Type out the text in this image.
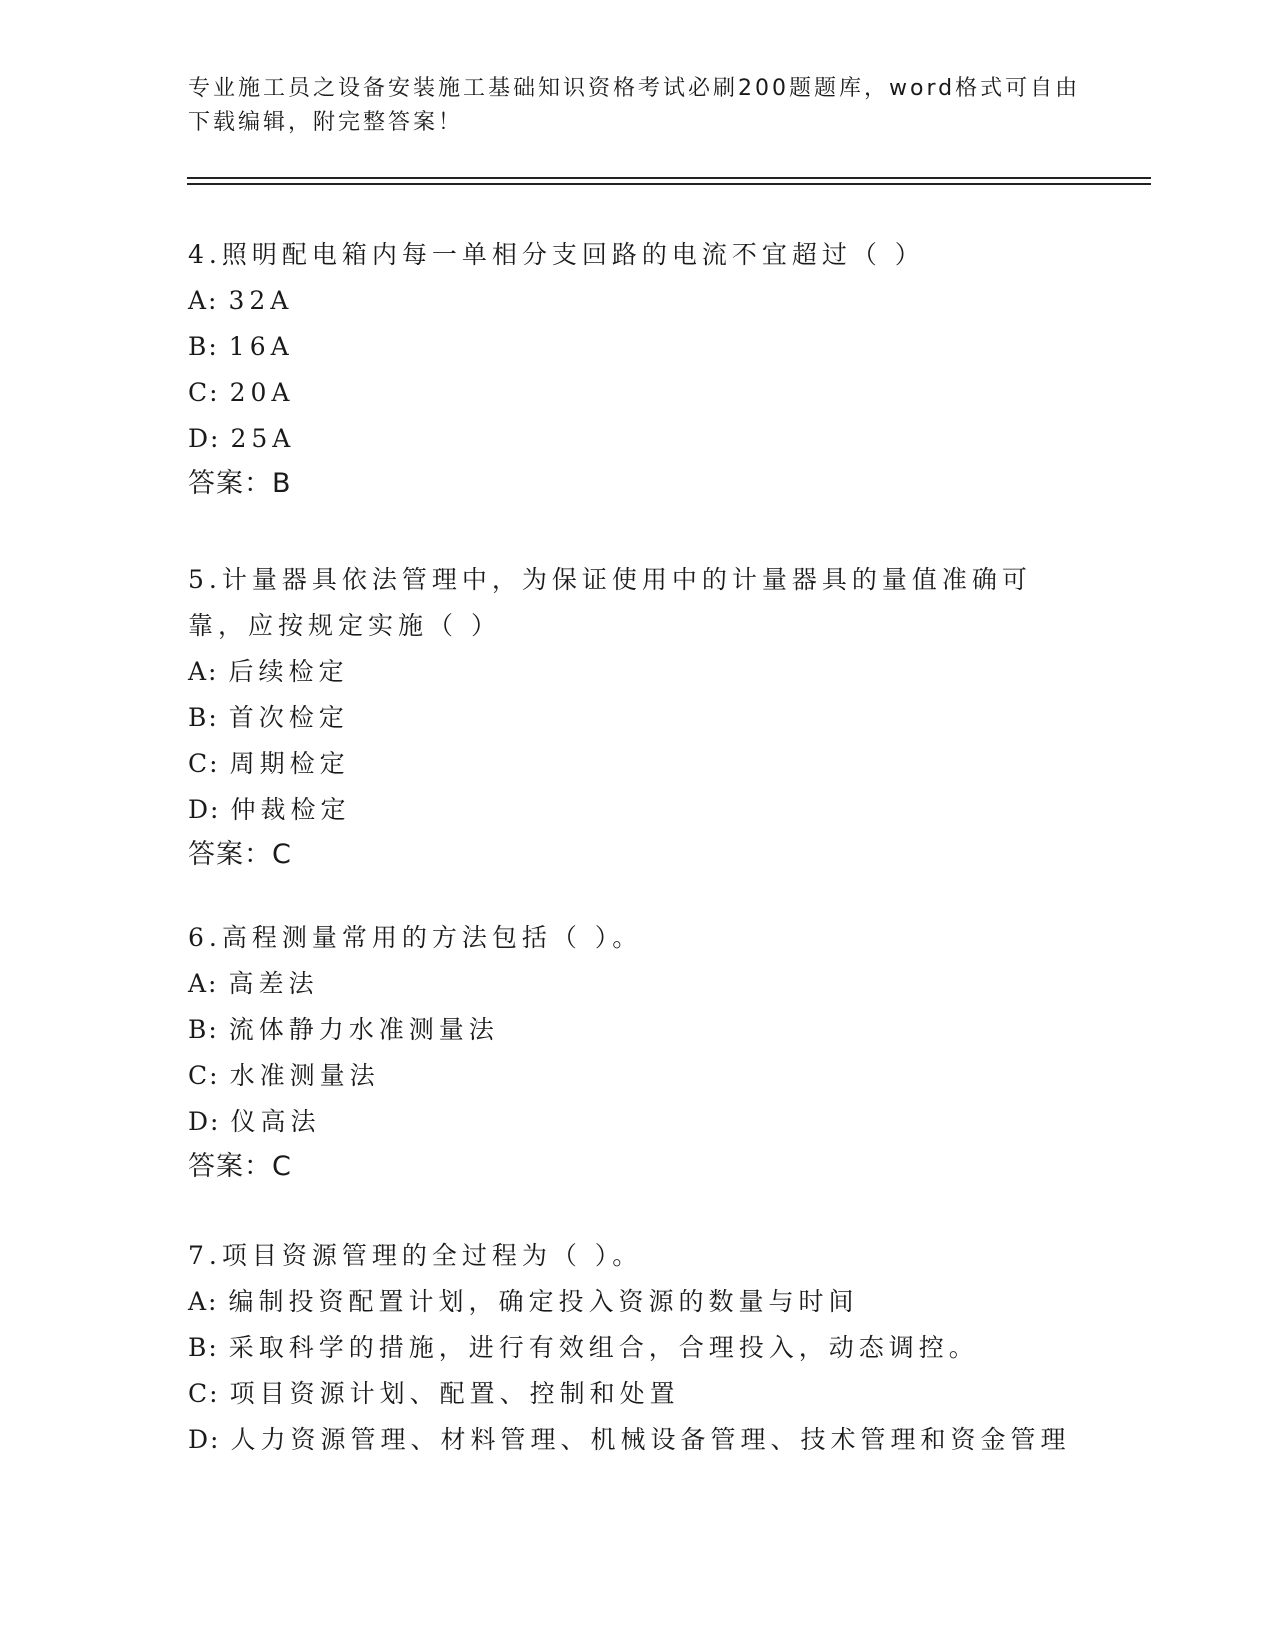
专业施工员之设备安装施工基础知识资格考试必刷200题题库，word格式可自由下载编辑，附完整答案！
4.照明配电箱内每一单相分支回路的电流不宜超过（ ）
A: 32A
B: 16A
C: 20A
D: 25A
答案：B
5.计量器具依法管理中，为保证使用中的计量器具的量值准确可靠，应按规定实施（ ）
A: 后续检定
B: 首次检定
C: 周期检定
D: 仲裁检定
答案：C
6.高程测量常用的方法包括（ ）。
A: 高差法
B: 流体静力水准测量法
C: 水准测量法
D: 仪高法
答案：C
7.项目资源管理的全过程为（ ）。
A: 编制投资配置计划，确定投入资源的数量与时间
B: 采取科学的措施，进行有效组合，合理投入，动态调控。
C: 项目资源计划、配置、控制和处置
D: 人力资源管理、材料管理、机械设备管理、技术管理和资金管理
